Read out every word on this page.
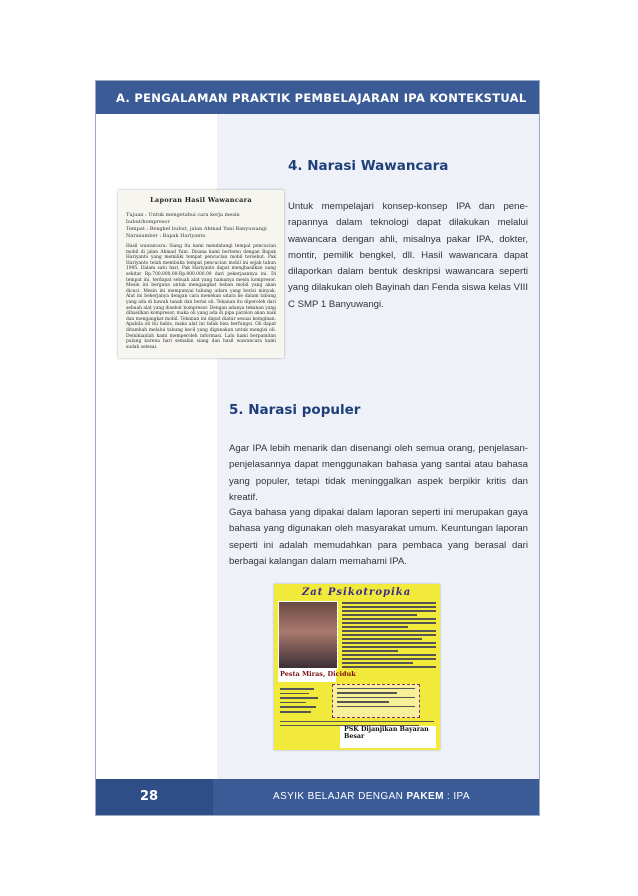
A. PENGALAMAN PRAKTIK PEMBELAJARAN IPA KONTEKSTUAL
Laporan Hasil Wawancara
Tujuan : Untuk mengetahui cara kerja mesin bubut/kompresor
Tempat : Bengkel bubut, jalan Ahmad Yani Banyuwangi
Narasumber : Bapak Hariyanto
Hasil wawancara: Siang itu kami mendatangi tempat pencucian mobil di jalan Ahmad Yani. Disana kami bertemu dengan Bapak Hariyanto yang memiliki tempat pencucian mobil tersebut. Pak Hariyanto telah membuka tempat pencucian mobil ini sejak tahun 1995. Dalam satu hari, Pak Hariyanto dapat menghasilkan uang sekitar Rp.700.000,00-Rp.800.000,00 dari pekerjaannya ini. Di tempat ini, terdapat sebuah alat yang namanya mesin kompresor. Mesin ini berguna untuk mengangkat beban mobil yang akan dicuci. Mesin ini mempunyai tabung udara yang berisi minyak. Alat ini bekerjanya dengan cara menekan udara ke dalam tabung yang ada di bawah tanah dan berisi oli. Tekanan itu diperoleh dari sebuah alat yang disebut kompresor. Dengan adanya tekanan yang dihasilkan kompresor, maka oli yang ada di pipa paralon akan naik dan mengangkat mobil. Tekanan ini dapat diatur sesuai keinginan. Apabila oli itu habis, maka alat ini tidak bisa berfungsi. Oli dapat ditambah melalui tabung kecil yang digunakan untuk mengisi oli. Demikianlah kami memperoleh informasi. Lalu kami berpamitan pulang karena hari semakin siang dan hasil wawancara kami sudah selesai.
4. Narasi Wawancara

Untuk mempelajari konsep-konsep IPA dan pene-rapannya dalam teknologi dapat dilakukan melalui wawancara dengan ahli, misalnya pakar IPA, dokter, montir, pemilik bengkel, dll. Hasil wawancara dapat dilaporkan dalam bentuk deskripsi wawancara seperti yang dilakukan oleh Bayinah dan Fenda siswa kelas VIII C SMP 1 Banyuwangi.

5. Narasi populer

Agar IPA lebih menarik dan disenangi oleh semua orang, penjelasan-penjelasannya dapat menggunakan bahasa yang santai atau bahasa yang populer, tetapi tidak meninggalkan aspek berpikir kritis dan kreatif.

Gaya bahasa yang dipakai dalam laporan seperti ini merupakan gaya bahasa yang digunakan oleh masyarakat umum. Keuntungan laporan seperti ini adalah memudahkan para pembaca yang berasal dari berbagai kalangan dalam memahami IPA.

Zat Psikotropika
Pesta Miras, Diciduk
PSK Dijanjikan Bayaran Besar
28	ASYIK BELAJAR DENGAN PAKEM : IPA
